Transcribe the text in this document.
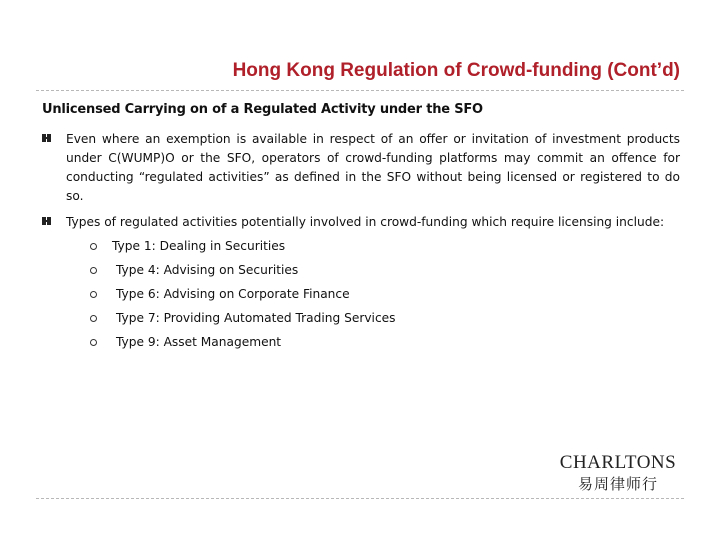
Hong Kong Regulation of Crowd-funding (Cont’d)
Unlicensed Carrying on of a Regulated Activity under the SFO
Even where an exemption is available in respect of an offer or invitation of investment products under C(WUMP)O or the SFO, operators of crowd-funding platforms may commit an offence for conducting “regulated activities” as defined in the SFO without being licensed or registered to do so.
Types of regulated activities potentially involved in crowd-funding which require licensing include:
Type 1: Dealing in Securities
Type 4: Advising on Securities
Type 6: Advising on Corporate Finance
Type 7: Providing Automated Trading Services
Type 9: Asset Management
CHARLTONS
易周律师行
